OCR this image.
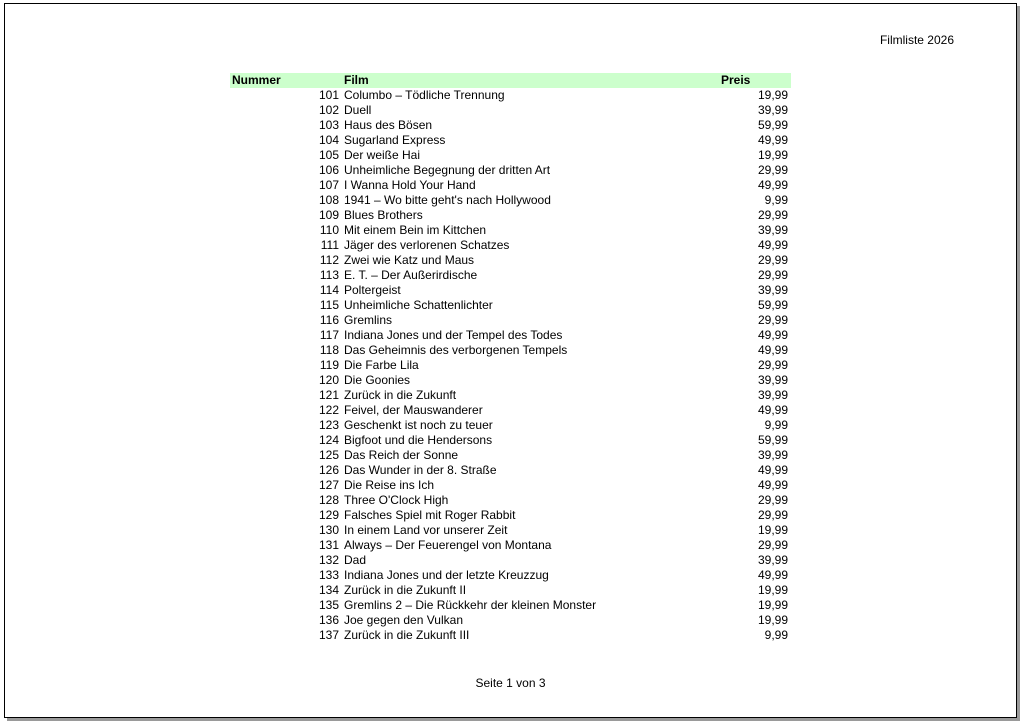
Filmliste 2026
Nummer	Film	Preis
101 Columbo – Tödliche Trennung	19,99
102 Duell	39,99
103 Haus des Bösen	59,99
104 Sugarland Express	49,99
105 Der weiße Hai	19,99
106 Unheimliche Begegnung der dritten Art	29,99
107 I Wanna Hold Your Hand	49,99
108 1941 – Wo bitte geht's nach Hollywood	9,99
109 Blues Brothers	29,99
110 Mit einem Bein im Kittchen	39,99
111 Jäger des verlorenen Schatzes	49,99
112 Zwei wie Katz und Maus	29,99
113 E. T. – Der Außerirdische	29,99
114 Poltergeist	39,99
115 Unheimliche Schattenlichter	59,99
116 Gremlins	29,99
117 Indiana Jones und der Tempel des Todes	49,99
118 Das Geheimnis des verborgenen Tempels	49,99
119 Die Farbe Lila	29,99
120 Die Goonies	39,99
121 Zurück in die Zukunft	39,99
122 Feivel, der Mauswanderer	49,99
123 Geschenkt ist noch zu teuer	9,99
124 Bigfoot und die Hendersons	59,99
125 Das Reich der Sonne	39,99
126 Das Wunder in der 8. Straße	49,99
127 Die Reise ins Ich	49,99
128 Three O'Clock High	29,99
129 Falsches Spiel mit Roger Rabbit	29,99
130 In einem Land vor unserer Zeit	19,99
131 Always – Der Feuerengel von Montana	29,99
132 Dad	39,99
133 Indiana Jones und der letzte Kreuzzug	49,99
134 Zurück in die Zukunft II	19,99
135 Gremlins 2 – Die Rückkehr der kleinen Monster	19,99
136 Joe gegen den Vulkan	19,99
137 Zurück in die Zukunft III	9,99
Seite 1 von 3
